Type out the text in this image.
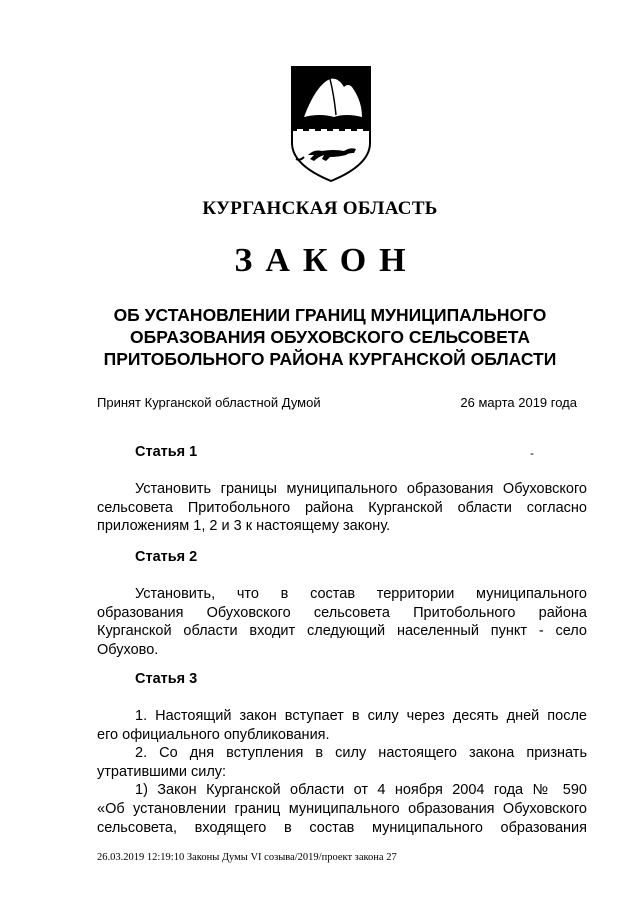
КУРГАНСКАЯ ОБЛАСТЬ
ЗАКОН
ОБ УСТАНОВЛЕНИИ ГРАНИЦ МУНИЦИПАЛЬНОГО
ОБРАЗОВАНИЯ ОБУХОВСКОГО СЕЛЬСОВЕТА
ПРИТОБОЛЬНОГО РАЙОНА КУРГАНСКОЙ ОБЛАСТИ
Принят Курганской областной Думой	26 марта 2019 года
Статья 1	-
Установить границы муниципального образования Обуховского
сельсовета Притобольного района Курганской области согласно
приложениям 1, 2 и 3 к настоящему закону.
Статья 2
Установить, что в состав территории муниципального
образования Обуховского сельсовета Притобольного района
Курганской области входит следующий населенный пункт - село
Обухово.
Статья 3
1. Настоящий закон вступает в силу через десять дней после
его официального опубликования.
2. Со дня вступления в силу настоящего закона признать
утратившими силу:
1) Закон Курганской области от 4 ноября 2004 года № 590
«Об установлении границ муниципального образования Обуховского
сельсовета, входящего в состав муниципального образования
26.03.2019 12:19:10 Законы Думы VI созыва/2019/проект закона 27
